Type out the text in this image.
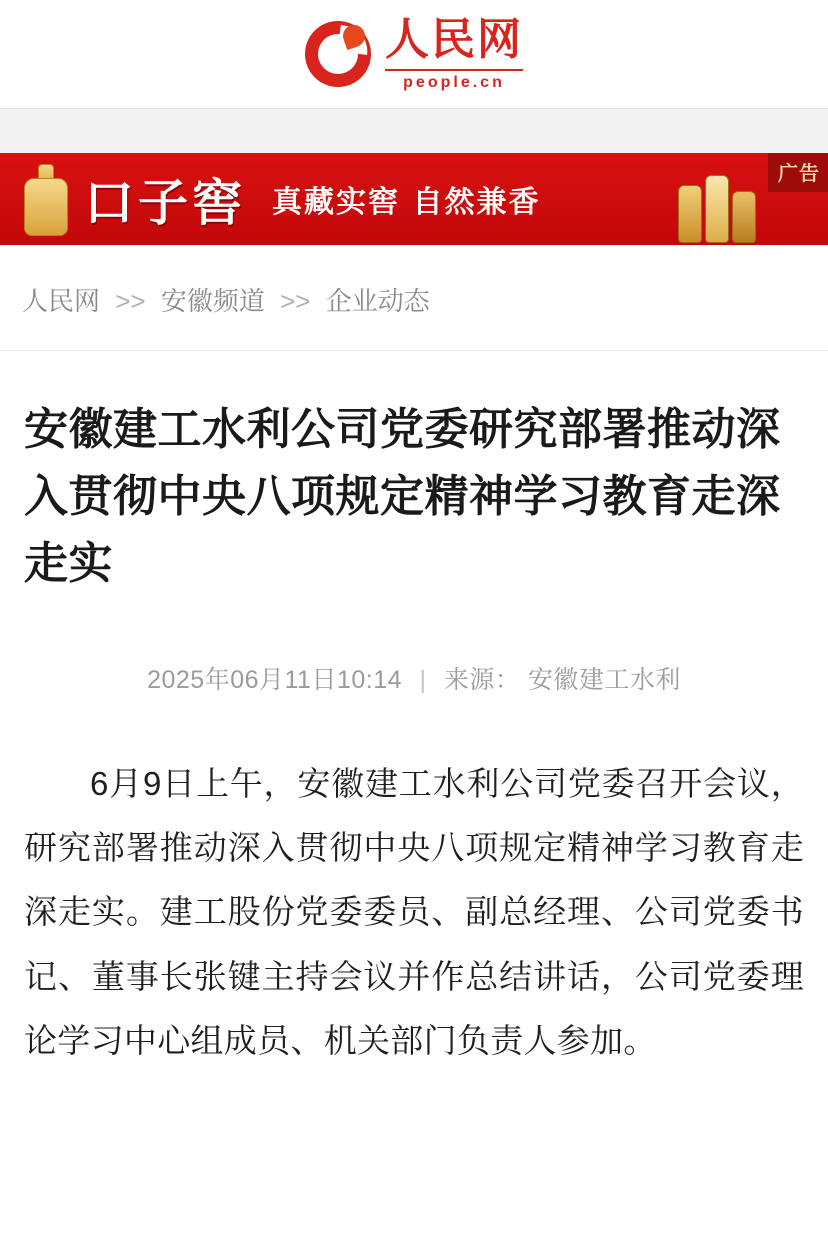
人民网
people.cn
口子窖 真藏实窖 自然兼香
广告
人民网 >> 安徽频道 >> 企业动态
安徽建工水利公司党委研究部署推动深入贯彻中央八项规定精神学习教育走深走实
2025年06月11日10:14 | 来源： 安徽建工水利

6月9日上午，安徽建工水利公司党委召开会议，研究部署推动深入贯彻中央八项规定精神学习教育走深走实。建工股份党委委员、副总经理、公司党委书记、董事长张键主持会议并作总结讲话，公司党委理论学习中心组成员、机关部门负责人参加。
